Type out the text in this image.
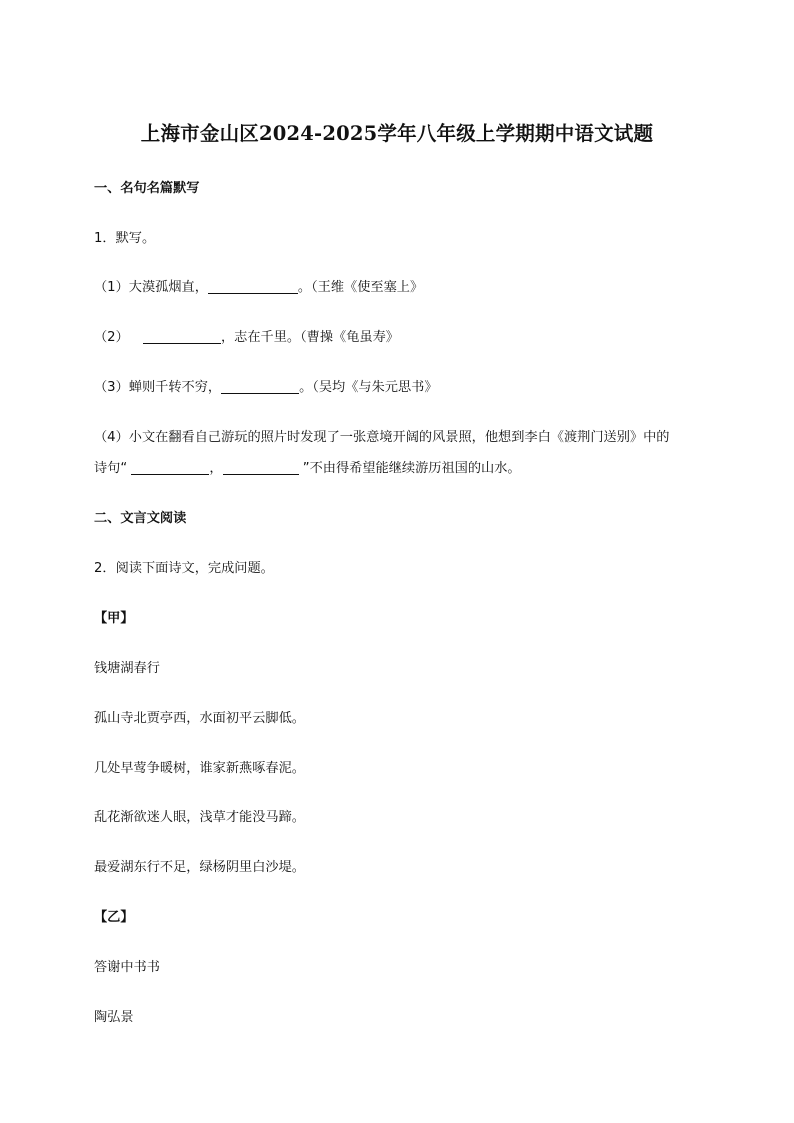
上海市金山区2024-2025学年八年级上学期期中语文试题
一、名句名篇默写
1．默写。
（1）大漠孤烟直，	。（王维《使至塞上》
（2）	，志在千里。（曹操《龟虽寿》
（3）蝉则千转不穷，	。（吴均《与朱元思书》
（4）小文在翻看自己游玩的照片时发现了一张意境开阔的风景照，他想到李白《渡荆门送别》中的
诗句“	，	”不由得希望能继续游历祖国的山水。
二、文言文阅读
2．阅读下面诗文，完成问题。
【甲】
钱塘湖春行
孤山寺北贾亭西，水面初平云脚低。
几处早莺争暖树，谁家新燕啄春泥。
乱花渐欲迷人眼，浅草才能没马蹄。
最爱湖东行不足，绿杨阴里白沙堤。
【乙】
答谢中书书
陶弘景
